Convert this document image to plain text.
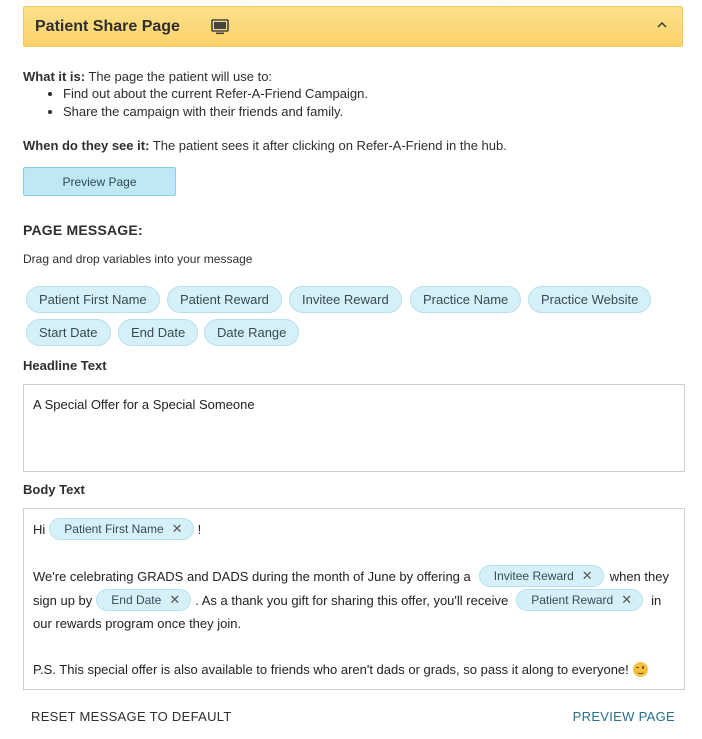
Patient Share Page
What it is: The page the patient will use to:
• Find out about the current Refer-A-Friend Campaign.
• Share the campaign with their friends and family.
When do they see it: The patient sees it after clicking on Refer-A-Friend in the hub.
Preview Page
PAGE MESSAGE:
Drag and drop variables into your message
Patient First Name	Patient Reward	Invitee Reward	Practice Name	Practice Website
Start Date	End Date	Date Range
Headline Text
A Special Offer for a Special Someone
Body Text
Hi Patient First Name ✕ !
We're celebrating GRADS and DADS during the month of June by offering a Invitee Reward ✕ when they
sign up by End Date ✕ . As a thank you gift for sharing this offer, you'll receive Patient Reward ✕ in
our rewards program once they join.
P.S. This special offer is also available to friends who aren't dads or grads, so pass it along to everyone!
RESET MESSAGE TO DEFAULT	PREVIEW PAGE
